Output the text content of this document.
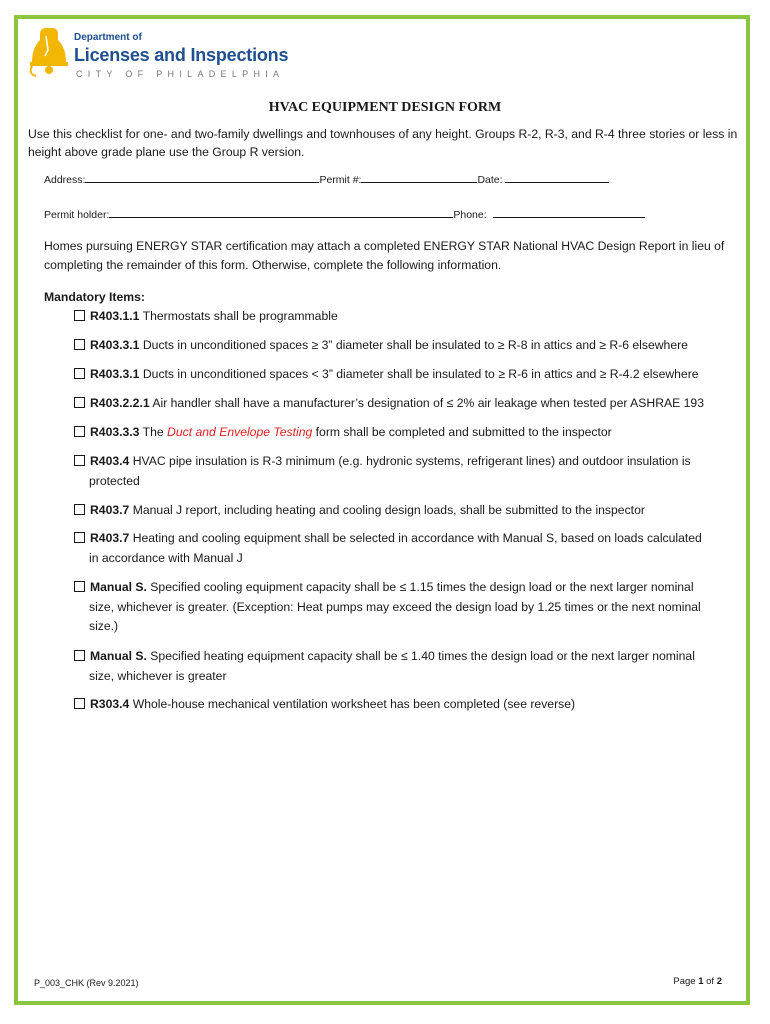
Department of
Licenses and Inspections
CITY OF PHILADELPHIA
HVAC EQUIPMENT DESIGN FORM
Use this checklist for one- and two-family dwellings and townhouses of any height. Groups R-2, R-3, and R-4 three stories or less in height above grade plane use the Group R version.
Address:	Permit #:	Date:
Permit holder:	Phone:
Homes pursuing ENERGY STAR certification may attach a completed ENERGY STAR National HVAC Design Report in lieu of completing the remainder of this form. Otherwise, complete the following information.
Mandatory Items:
R403.1.1 Thermostats shall be programmable
R403.3.1 Ducts in unconditioned spaces ≥ 3” diameter shall be insulated to ≥ R-8 in attics and ≥ R-6 elsewhere
R403.3.1 Ducts in unconditioned spaces < 3” diameter shall be insulated to ≥ R-6 in attics and ≥ R-4.2 elsewhere
R403.2.2.1 Air handler shall have a manufacturer’s designation of ≤ 2% air leakage when tested per ASHRAE 193
R403.3.3 The Duct and Envelope Testing form shall be completed and submitted to the inspector
R403.4 HVAC pipe insulation is R-3 minimum (e.g. hydronic systems, refrigerant lines) and outdoor insulation is
protected
R403.7 Manual J report, including heating and cooling design loads, shall be submitted to the inspector
R403.7 Heating and cooling equipment shall be selected in accordance with Manual S, based on loads calculated
in accordance with Manual J
Manual S. Specified cooling equipment capacity shall be ≤ 1.15 times the design load or the next larger nominal
size, whichever is greater. (Exception: Heat pumps may exceed the design load by 1.25 times or the next nominal
size.)
Manual S. Specified heating equipment capacity shall be ≤ 1.40 times the design load or the next larger nominal
size, whichever is greater
R303.4 Whole-house mechanical ventilation worksheet has been completed (see reverse)
P_003_CHK (Rev 9.2021)	Page 1 of 2
